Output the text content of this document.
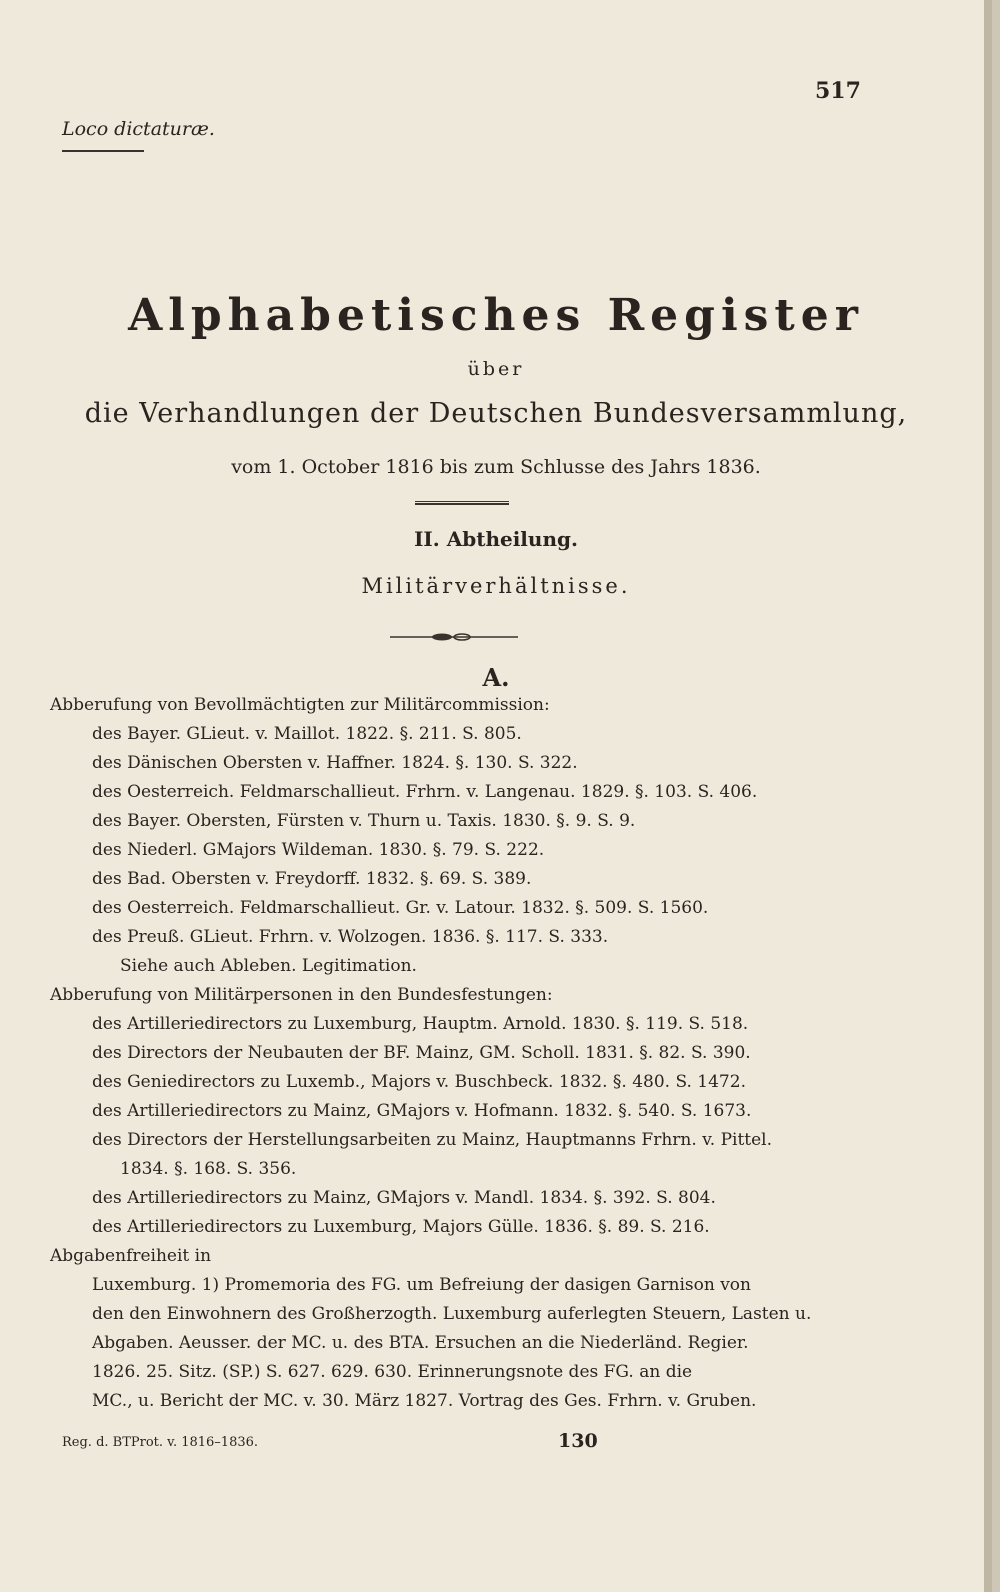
517
Loco dictaturæ.
Alphabetisches Register
über
die Verhandlungen der Deutschen Bundesversammlung,
vom 1. October 1816 bis zum Schlusse des Jahrs 1836.
II. Abtheilung.
Militärverhältnisse.
A.
Abberufung von Bevollmächtigten zur Militärcommission:
des Bayer. GLieut. v. Maillot. 1822. §. 211. S. 805.
des Dänischen Obersten v. Haffner. 1824. §. 130. S. 322.
des Oesterreich. Feldmarschallieut. Frhrn. v. Langenau. 1829. §. 103. S. 406.
des Bayer. Obersten, Fürsten v. Thurn u. Taxis. 1830. §. 9. S. 9.
des Niederl. GMajors Wildeman. 1830. §. 79. S. 222.
des Bad. Obersten v. Freydorff. 1832. §. 69. S. 389.
des Oesterreich. Feldmarschallieut. Gr. v. Latour. 1832. §. 509. S. 1560.
des Preuß. GLieut. Frhrn. v. Wolzogen. 1836. §. 117. S. 333.
Siehe auch Ableben. Legitimation.
Abberufung von Militärpersonen in den Bundesfestungen:
des Artilleriedirectors zu Luxemburg, Hauptm. Arnold. 1830. §. 119. S. 518.
des Directors der Neubauten der BF. Mainz, GM. Scholl. 1831. §. 82. S. 390.
des Geniedirectors zu Luxemb., Majors v. Buschbeck. 1832. §. 480. S. 1472.
des Artilleriedirectors zu Mainz, GMajors v. Hofmann. 1832. §. 540. S. 1673.
des Directors der Herstellungsarbeiten zu Mainz, Hauptmanns Frhrn. v. Pittel.
1834. §. 168. S. 356.
des Artilleriedirectors zu Mainz, GMajors v. Mandl. 1834. §. 392. S. 804.
des Artilleriedirectors zu Luxemburg, Majors Gülle. 1836. §. 89. S. 216.
Abgabenfreiheit in
Luxemburg. 1) Promemoria des FG. um Befreiung der dasigen Garnison von
den den Einwohnern des Großherzogth. Luxemburg auferlegten Steuern, Lasten u.
Abgaben. Aeusser. der MC. u. des BTA. Ersuchen an die Niederländ. Regier.
1826. 25. Sitz. (SP.) S. 627. 629. 630. Erinnerungsnote des FG. an die
MC., u. Bericht der MC. v. 30. März 1827. Vortrag des Ges. Frhrn. v. Gruben.
Reg. d. BTProt. v. 1816–1836.	130
